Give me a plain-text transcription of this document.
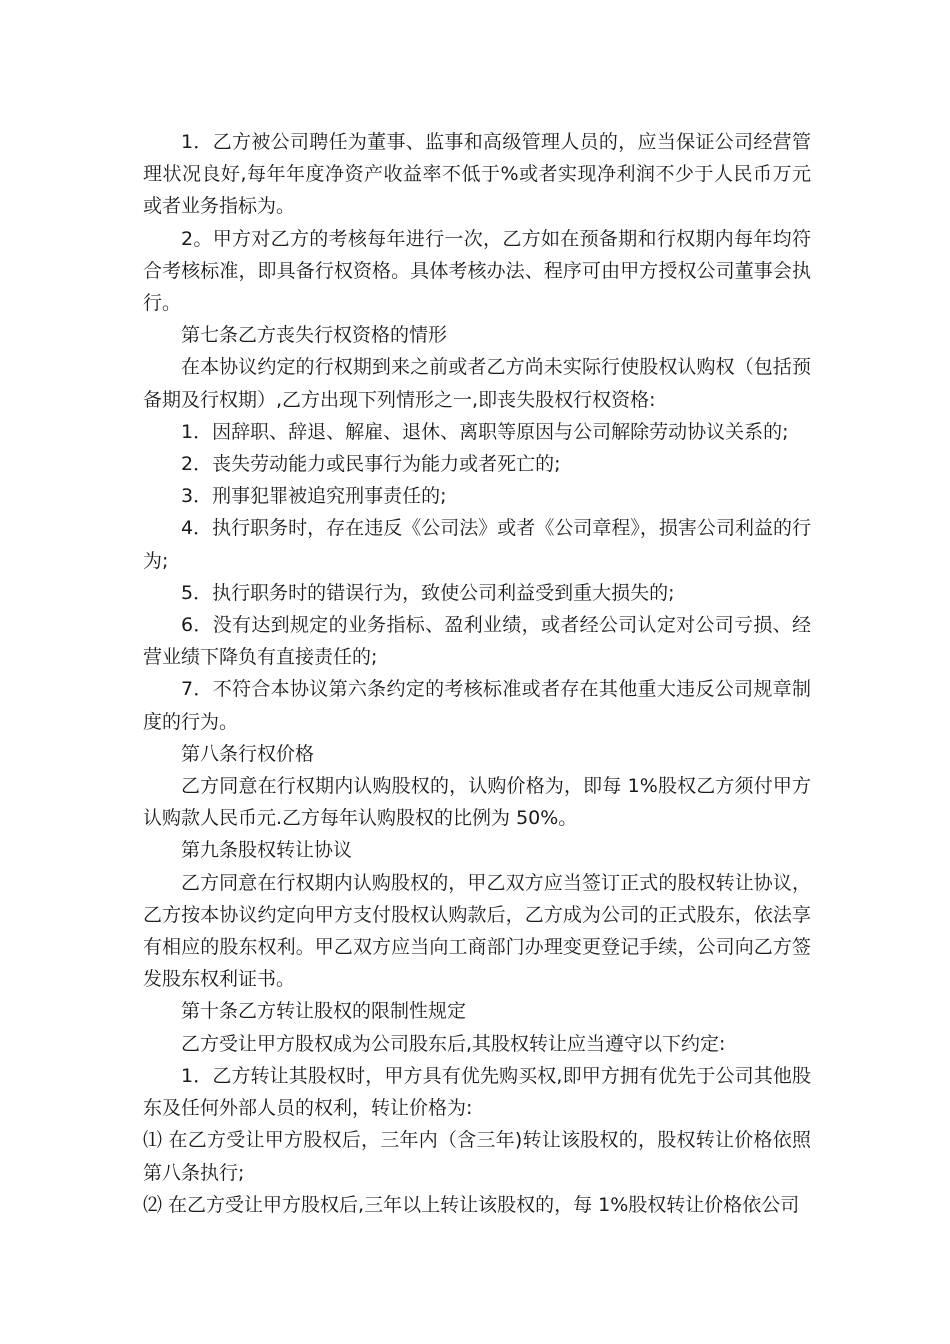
1．乙方被公司聘任为董事、监事和高级管理人员的，应当保证公司经营管理状况良好,每年年度净资产收益率不低于%或者实现净利润不少于人民币万元或者业务指标为。

2。甲方对乙方的考核每年进行一次，乙方如在预备期和行权期内每年均符合考核标准，即具备行权资格。具体考核办法、程序可由甲方授权公司董事会执行。

第七条乙方丧失行权资格的情形

在本协议约定的行权期到来之前或者乙方尚未实际行使股权认购权（包括预备期及行权期）,乙方出现下列情形之一,即丧失股权行权资格:

1．因辞职、辞退、解雇、退休、离职等原因与公司解除劳动协议关系的;

2．丧失劳动能力或民事行为能力或者死亡的;

3．刑事犯罪被追究刑事责任的;

4．执行职务时，存在违反《公司法》或者《公司章程》，损害公司利益的行为;

5．执行职务时的错误行为，致使公司利益受到重大损失的;

6．没有达到规定的业务指标、盈利业绩，或者经公司认定对公司亏损、经营业绩下降负有直接责任的;

7．不符合本协议第六条约定的考核标准或者存在其他重大违反公司规章制度的行为。

第八条行权价格

乙方同意在行权期内认购股权的，认购价格为，即每 1%股权乙方须付甲方认购款人民币元.乙方每年认购股权的比例为 50%。

第九条股权转让协议

乙方同意在行权期内认购股权的，甲乙双方应当签订正式的股权转让协议，乙方按本协议约定向甲方支付股权认购款后，乙方成为公司的正式股东，依法享有相应的股东权利。甲乙双方应当向工商部门办理变更登记手续，公司向乙方签发股东权利证书。

第十条乙方转让股权的限制性规定

乙方受让甲方股权成为公司股东后,其股权转让应当遵守以下约定:

1．乙方转让其股权时，甲方具有优先购买权,即甲方拥有优先于公司其他股东及任何外部人员的权利，转让价格为:

⑴ 在乙方受让甲方股权后，三年内（含三年)转让该股权的，股权转让价格依照第八条执行;

⑵ 在乙方受让甲方股权后,三年以上转让该股权的，每 1%股权转让价格依公司
